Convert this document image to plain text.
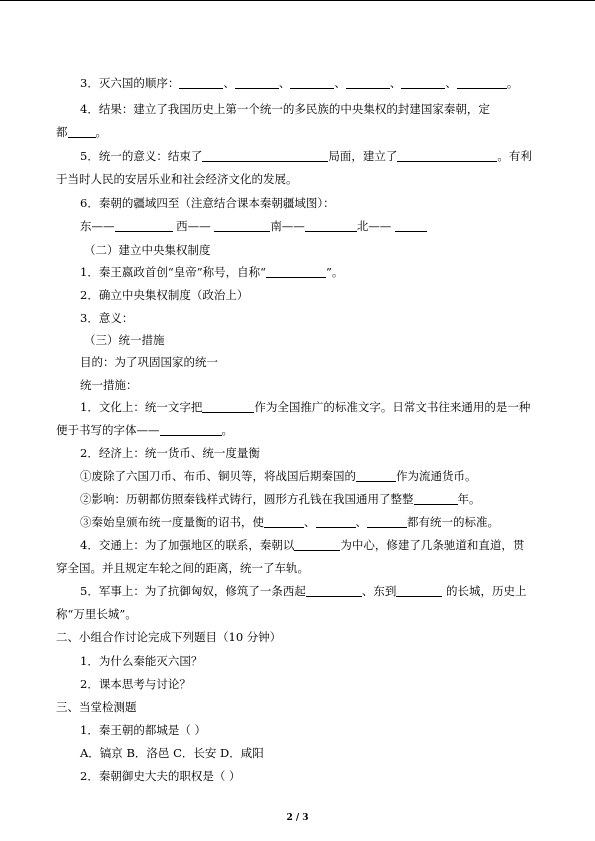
3．灭六国的顺序：	、	、	、	、	、	。
4．结果：建立了我国历史上第一个统一的多民族的中央集权的封建国家秦朝，定
都 。
5．统一的意义：结束了	局面，建立了	。有利
于当时人民的安居乐业和社会经济文化的发展。
6．秦朝的疆域四至（注意结合课本秦朝疆域图）：
东——	西——	南——	北——
（二）建立中央集权制度
1．秦王嬴政首创“皇帝”称号，自称“	”。
2．确立中央集权制度（政治上）
3．意义：
（三）统一措施
目的：为了巩固国家的统一
统一措施：
1．文化上：统一文字把	作为全国推广的标准文字。日常文书往来通用的是一种
便于书写的字体——	。
2．经济上：统一货币、统一度量衡
①废除了六国刀币、布币、铜贝等，将战国后期秦国的	作为流通货币。
②影响：历朝都仿照秦钱样式铸行，圆形方孔钱在我国通用了整整	年。
③秦始皇颁布统一度量衡的诏书，使	、	、	都有统一的标准。
4．交通上：为了加强地区的联系，秦朝以	为中心，修建了几条驰道和直道，贯
穿全国。并且规定车轮之间的距离，统一了车轨。
5．军事上：为了抗御匈奴，修筑了一条西起	、东到	的长城，历史上
称“万里长城”。
二、小组合作讨论完成下列题目（10 分钟）
1．为什么秦能灭六国？
2．课本思考与讨论？
三、当堂检测题
1．秦王朝的都城是（ ）
A．镐京 B．洛邑 C．长安 D．咸阳
2．秦朝御史大夫的职权是（ ）
2 / 3
